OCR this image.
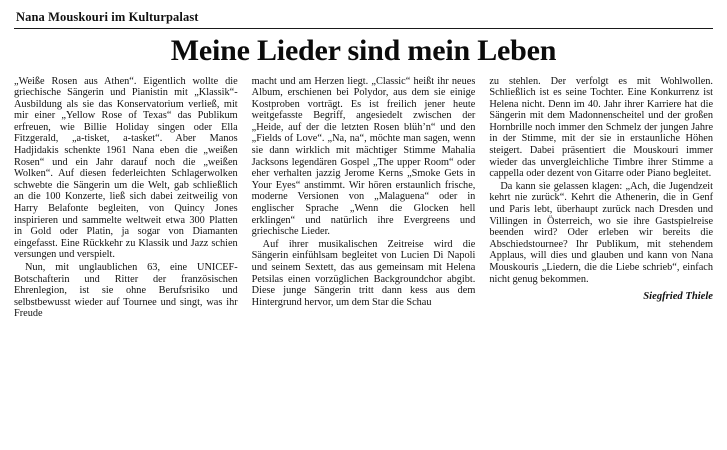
Nana Mouskouri im Kulturpalast
Meine Lieder sind mein Leben

„Weiße Rosen aus Athen“. Eigentlich wollte die griechische Sängerin und Pianistin mit „Klassik“-Ausbildung als sie das Konservatorium verließ, mit mir einer „Yellow Rose of Texas“ das Publikum erfreuen, wie Billie Holiday singen oder Ella Fitzgerald, „a-tisket, a-tasket“. Aber Manos Hadjidakis schenkte 1961 Nana eben die „weißen Rosen“ und ein Jahr darauf noch die „weißen Wolken“. Auf diesen federleichten Schlagerwolken schwebte die Sängerin um die Welt, gab schließlich an die 100 Konzerte, ließ sich dabei zeitweilig von Harry Belafonte begleiten, von Quincy Jones inspirieren und sammelte weltweit etwa 300 Platten in Gold oder Platin, ja sogar von Diamanten eingefasst. Eine Rückkehr zu Klassik und Jazz schien versungen und verspielt.

Nun, mit unglaublichen 63, eine UNICEF-Botschafterin und Ritter der französischen Ehrenlegion, ist sie ohne Berufsrisiko und selbstbewusst wieder auf Tournee und singt, was ihr Freude

macht und am Herzen liegt. „Classic“ heißt ihr neues Album, erschienen bei Polydor, aus dem sie einige Kostproben vorträgt. Es ist freilich jener heute weitgefasste Begriff, angesiedelt zwischen der „Heide, auf der die letzten Rosen blüh’n“ und den „Fields of Love“. „Na, na“, möchte man sagen, wenn sie dann wirklich mit mächtiger Stimme Mahalia Jacksons legendären Gospel „The upper Room“ oder eher verhalten jazzig Jerome Kerns „Smoke Gets in Your Eyes“ anstimmt. Wir hören erstaunlich frische, moderne Versionen von „Malaguena“ oder in englischer Sprache „Wenn die Glocken hell erklingen“ und natürlich ihre Evergreens und griechische Lieder.

Auf ihrer musikalischen Zeitreise wird die Sängerin einfühlsam begleitet von Lucien Di Napoli und seinem Sextett, das aus gemeinsam mit Helena Petsilas einen vorzüglichen Backgroundchor abgibt. Diese junge Sängerin tritt dann kess aus dem Hintergrund hervor, um dem Star die Schau

zu stehlen. Der verfolgt es mit Wohlwollen. Schließlich ist es seine Tochter. Eine Konkurrenz ist Helena nicht. Denn im 40. Jahr ihrer Karriere hat die Sängerin mit dem Madonnenscheitel und der großen Hornbrille noch immer den Schmelz der jungen Jahre in der Stimme, mit der sie in erstaunliche Höhen steigert. Dabei präsentiert die Mouskouri immer wieder das unvergleichliche Timbre ihrer Stimme a cappella oder dezent von Gitarre oder Piano begleitet.

Da kann sie gelassen klagen: „Ach, die Jugendzeit kehrt nie zurück“. Kehrt die Athenerin, die in Genf und Paris lebt, überhaupt zurück nach Dresden und Villingen in Österreich, wo sie ihre Gastspielreise beenden wird? Oder erleben wir bereits die Abschiedstournee? Ihr Publikum, mit stehendem Applaus, will dies und glauben und kann von Nana Mouskouris „Liedern, die die Liebe schrieb“, einfach nicht genug bekommen.

Siegfried Thiele
